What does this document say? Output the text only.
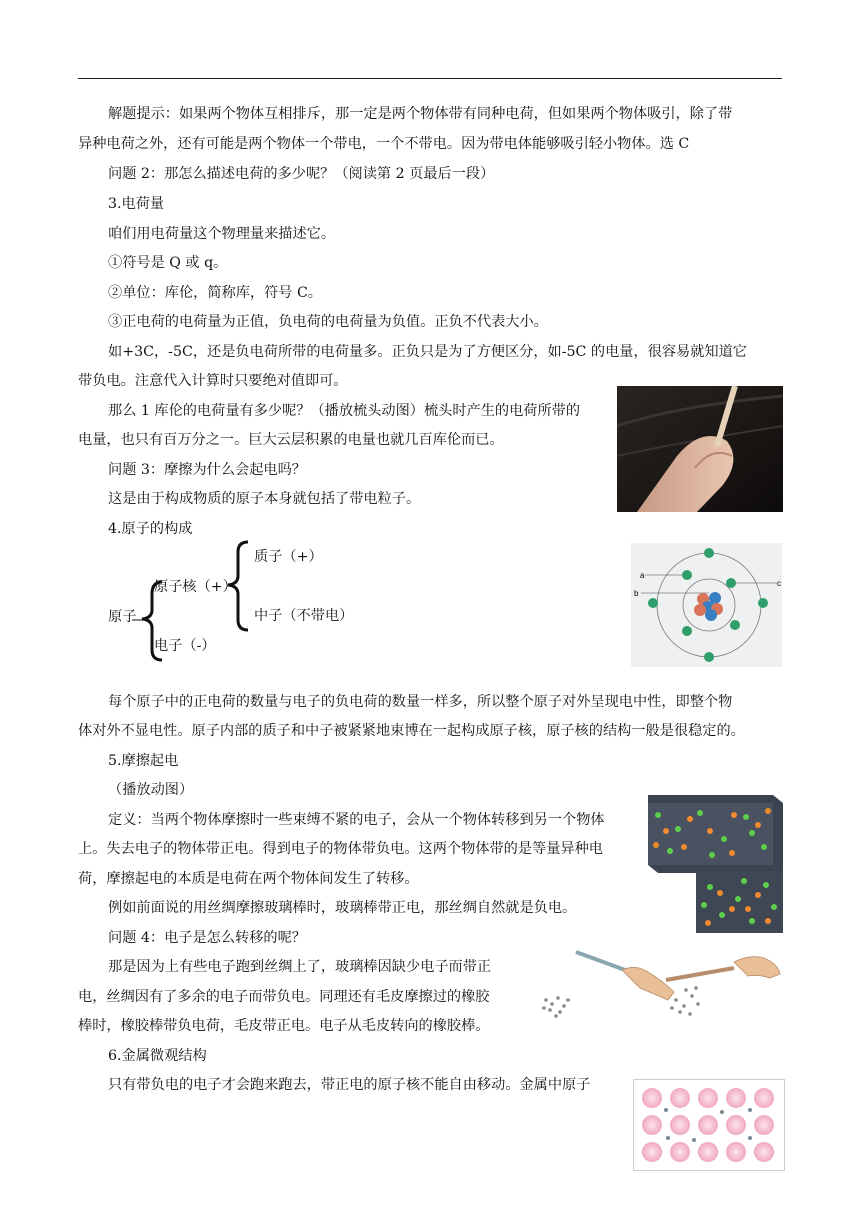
解题提示：如果两个物体互相排斥，那一定是两个物体带有同种电荷，但如果两个物体吸引，除了带
异种电荷之外，还有可能是两个物体一个带电，一个不带电。因为带电体能够吸引轻小物体。选 C
问题 2：那怎么描述电荷的多少呢？（阅读第 2 页最后一段）
3.电荷量
咱们用电荷量这个物理量来描述它。
①符号是 Q 或 q。
②单位：库伦，简称库，符号 C。
③正电荷的电荷量为正值，负电荷的电荷量为负值。正负不代表大小。
如+3C，-5C，还是负电荷所带的电荷量多。正负只是为了方便区分，如-5C 的电量，很容易就知道它
带负电。注意代入计算时只要绝对值即可。
那么 1 库伦的电荷量有多少呢？（播放梳头动图）梳头时产生的电荷所带的
电量，也只有百万分之一。巨大云层积累的电量也就几百库伦而已。
问题 3：摩擦为什么会起电吗？
这是由于构成物质的原子本身就包括了带电粒子。
4.原子的构成
质子（+）
原子核（+）
原子	中子（不带电）
电子（-）
a
b
c
每个原子中的正电荷的数量与电子的负电荷的数量一样多，所以整个原子对外呈现电中性，即整个物
体对外不显电性。原子内部的质子和中子被紧紧地束博在一起构成原子核，原子核的结构一般是很稳定的。
5.摩擦起电
（播放动图）
定义：当两个物体摩擦时一些束缚不紧的电子，会从一个物体转移到另一个物体
上。失去电子的物体带正电。得到电子的物体带负电。这两个物体带的是等量异种电
荷，摩擦起电的本质是电荷在两个物体间发生了转移。
例如前面说的用丝绸摩擦玻璃棒时，玻璃棒带正电，那丝绸自然就是负电。
问题 4：电子是怎么转移的呢？
那是因为上有些电子跑到丝绸上了，玻璃棒因缺少电子而带正
电，丝绸因有了多余的电子而带负电。同理还有毛皮摩擦过的橡胶
棒时，橡胶棒带负电荷，毛皮带正电。电子从毛皮转向的橡胶棒。
6.金属微观结构
只有带负电的电子才会跑来跑去，带正电的原子核不能自由移动。金属中原子
